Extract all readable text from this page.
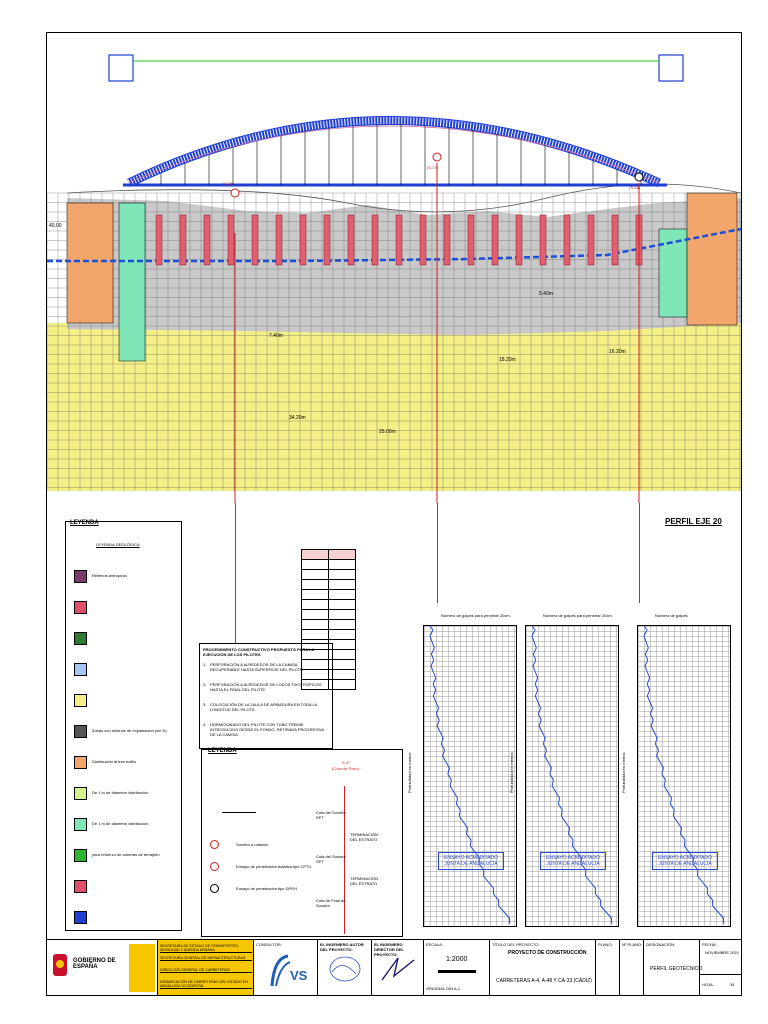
40.00
(S-16)
(S-17)
(S-18)
34.20m
25.00m
18.20m
16.20m
5.40m
7.40m
PERFIL EJE 20
LEYENDA
LEYENDA GEOLÓGICA
Rellenos antrópicos
Zonas con rellenos de explanación (sin H)
Distribución al tres bolillo
De 1 m de diámetro distribución
De 1 m de diámetro distribución
para refuerzo de carreras de terraplén
PROCEDIMIENTO CONSTRUCTIVO PROPUESTO PARA LA EJECUCIÓN DE LOS PILOTES
1. PERFORACIÓN A ALREDEDOR DE LA CAMISA RECUPERABLE HASTA SUPERFICIE DEL PILOTE.
2. PERFORACIÓN A ALREDEDOR DE LODOS TIXOTRÓPICOS HASTA EL FINAL DEL PILOTE.
3. COLOCACIÓN DE LA JAULA DE ARMADURA EN TODA LA LONGITUD DEL PILOTE.
4. HORMIGONADO DEL PILOTE CON TUBO TREMIE INTRODUCIDO DESDE EL FONDO, RETIRADA PROGRESIVA DE LA CAMISA.

LEYENDA
Sondeo a rotación
Ensayo de penetración estática tipo CPTU
Ensayo de penetración tipo DPSH
S-1*
(Cota de Pozo)
Cota del Sondeo SPT
TERMINACIÓN DEL ESTRATO
Cota del Sondeo SPT
TERMINACIÓN DEL ESTRATO
Cota de Final de Sondeo
Número de golpes para penetrar 20cm.
ENSAYO ACREDITADO JUNTA DE ANDALUCÍA
Profundidad en metros
Número de golpes para penetrar 20cm.
ENSAYO ACREDITADO JUNTA DE ANDALUCÍA
Profundidad en metros
Número de golpes
ENSAYO ACREDITADO JUNTA DE ANDALUCÍA
Profundidad en metros
GOBIERNO DE ESPAÑA
SECRETARÍA DE ESTADO DE TRANSPORTES, MOVILIDAD Y AGENDA URBANA
SECRETARÍA GENERAL DE INFRAESTRUCTURAS
DIRECCIÓN GENERAL DE CARRETERAS
DEMARCACIÓN DE CARRETERAS DEL ESTADO EN ANDALUCÍA OCCIDENTAL
CONSULTOR:
VS
EL INGENIERO AUTOR DEL PROYECTO:
EL INGENIERO DIRECTOR DEL PROYECTO:
ESCALA:
1:2000
ORIGINAL DIN A-1
TÍTULO DEL PROYECTO:
PROYECTO DE CONSTRUCCIÓN
CARRETERAS A-4, A-48 Y CA-33 (CÁDIZ)
PLANO: Nº PLANO: DESIGNACIÓN:
PERFIL GEOTÉCNICO
FECHA:
NOVIEMBRE 2021
HOJA:	34
